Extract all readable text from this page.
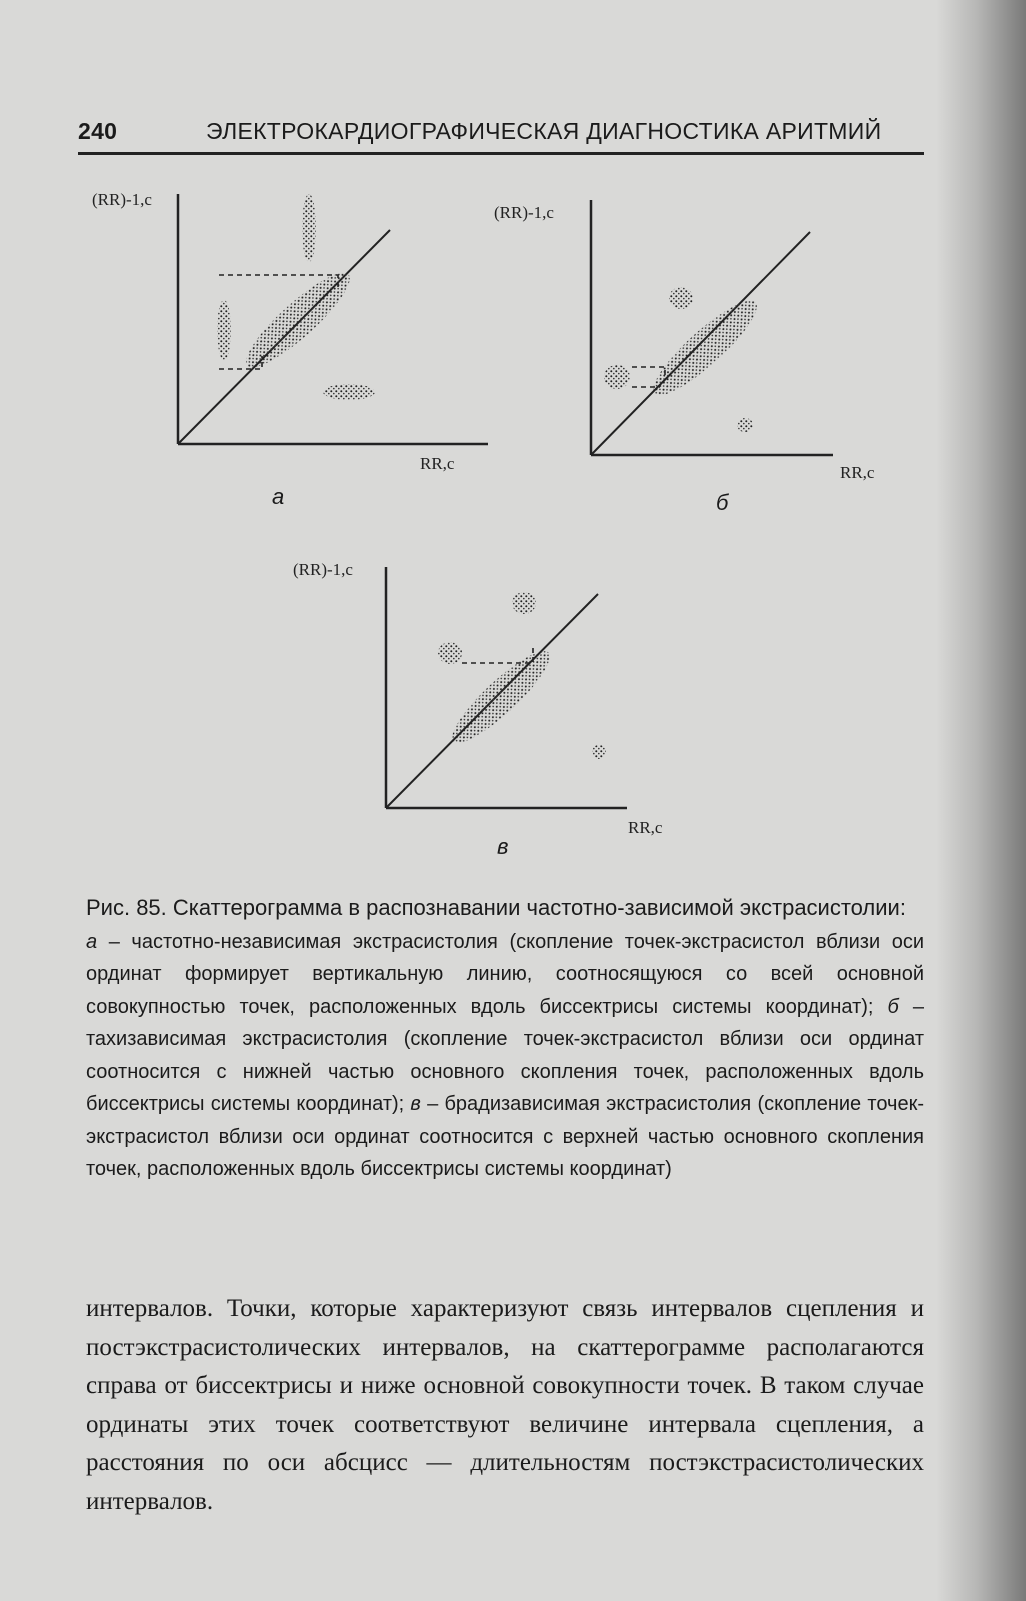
240	ЭЛЕКТРОКАРДИОГРАФИЧЕСКАЯ ДИАГНОСТИКА АРИТМИЙ
(RR)-1,c
RR,c
(RR)-1,c
RR,c
(RR)-1,c
RR,c
а	б
в
Рис. 85. Скаттерограмма в распознавании частотно-зависимой экстрасистолии:
а – частотно-независимая экстрасистолия (скопление точек-экстрасистол вблизи оси ординат формирует вертикальную линию, соотносящуюся со всей основной совокупностью точек, расположенных вдоль биссектрисы системы координат); б – тахизависимая экстрасистолия (скопление точек-экстрасистол вблизи оси ординат соотносится с нижней частью основного скопления точек, расположенных вдоль биссектрисы системы координат); в – брадизависимая экстрасистолия (скопление точек-экстрасистол вблизи оси ординат соотносится с верхней частью основного скопления точек, расположенных вдоль биссектрисы системы координат)
интервалов. Точки, которые характеризуют связь интервалов сцепления и постэкстрасистолических интервалов, на скаттерограмме располагаются справа от биссектрисы и ниже основной совокупности точек. В таком случае ординаты этих точек соответствуют величине интервала сцепления, а расстояния по оси абсцисс — длительностям постэкстрасистолических интервалов.
